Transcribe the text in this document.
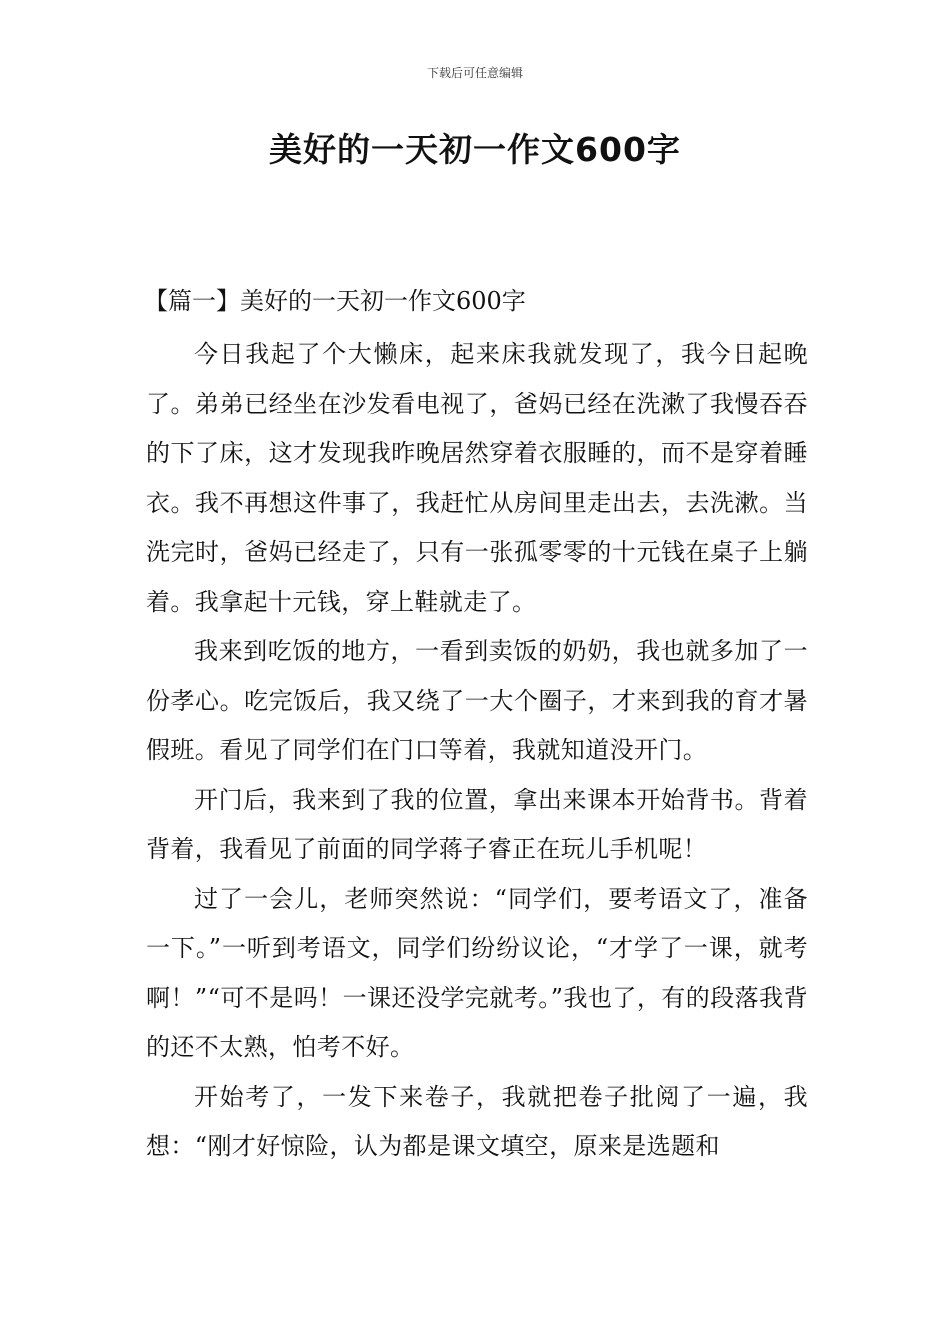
下载后可任意编辑
美好的一天初一作文600字

【篇一】美好的一天初一作文600字

今日我起了个大懒床，起来床我就发现了，我今日起晚了。弟弟已经坐在沙发看电视了，爸妈已经在洗漱了我慢吞吞的下了床，这才发现我昨晚居然穿着衣服睡的，而不是穿着睡衣。我不再想这件事了，我赶忙从房间里走出去，去洗漱。当洗完时，爸妈已经走了，只有一张孤零零的十元钱在桌子上躺着。我拿起十元钱，穿上鞋就走了。

我来到吃饭的地方，一看到卖饭的奶奶，我也就多加了一份孝心。吃完饭后，我又绕了一大个圈子，才来到我的育才暑假班。看见了同学们在门口等着，我就知道没开门。

开门后，我来到了我的位置，拿出来课本开始背书。背着背着，我看见了前面的同学蒋子睿正在玩儿手机呢！

过了一会儿，老师突然说：“同学们，要考语文了，准备一下。”一听到考语文，同学们纷纷议论，“才学了一课，就考啊！”“可不是吗！一课还没学完就考。”我也了，有的段落我背的还不太熟，怕考不好。

开始考了，一发下来卷子，我就把卷子批阅了一遍，我想：“刚才好惊险，认为都是课文填空，原来是选题和
